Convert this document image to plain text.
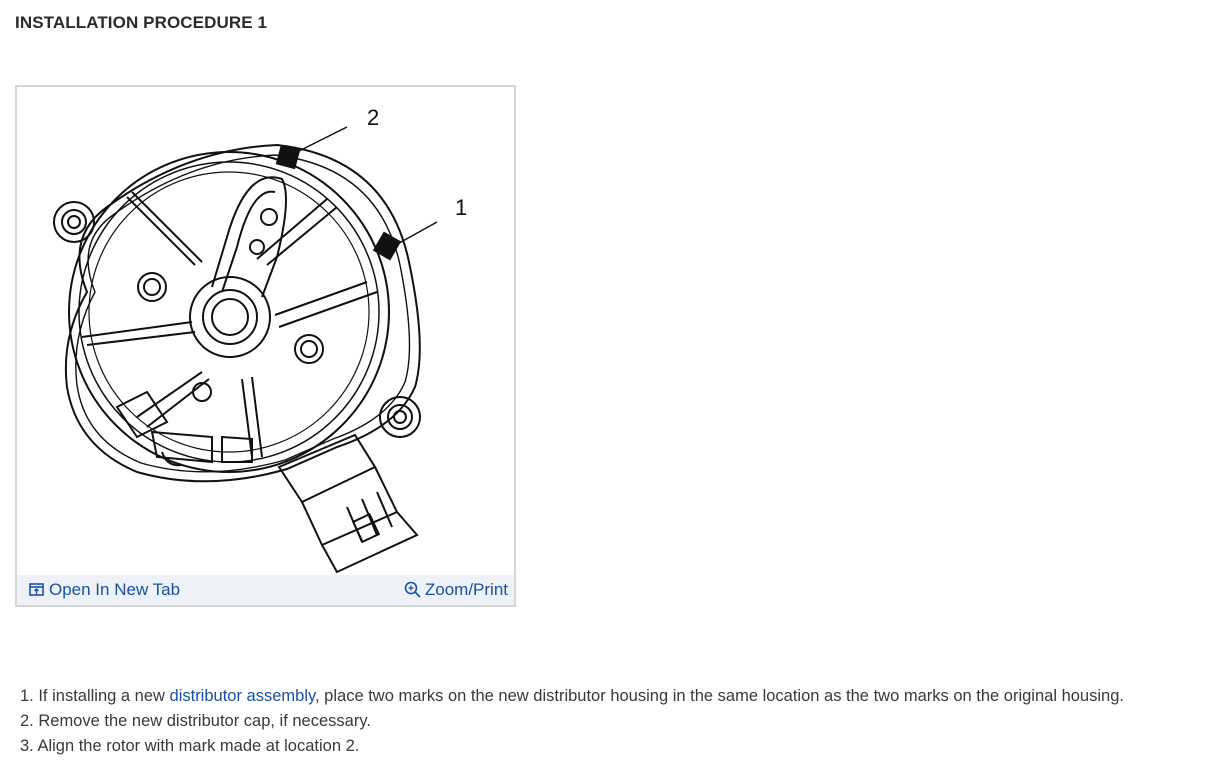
INSTALLATION PROCEDURE 1
2
1
Open In New Tab	Zoom/Print
1. If installing a new distributor assembly, place two marks on the new distributor housing in the same location as the two marks on the original housing.
2. Remove the new distributor cap, if necessary.
3. Align the rotor with mark made at location 2.
